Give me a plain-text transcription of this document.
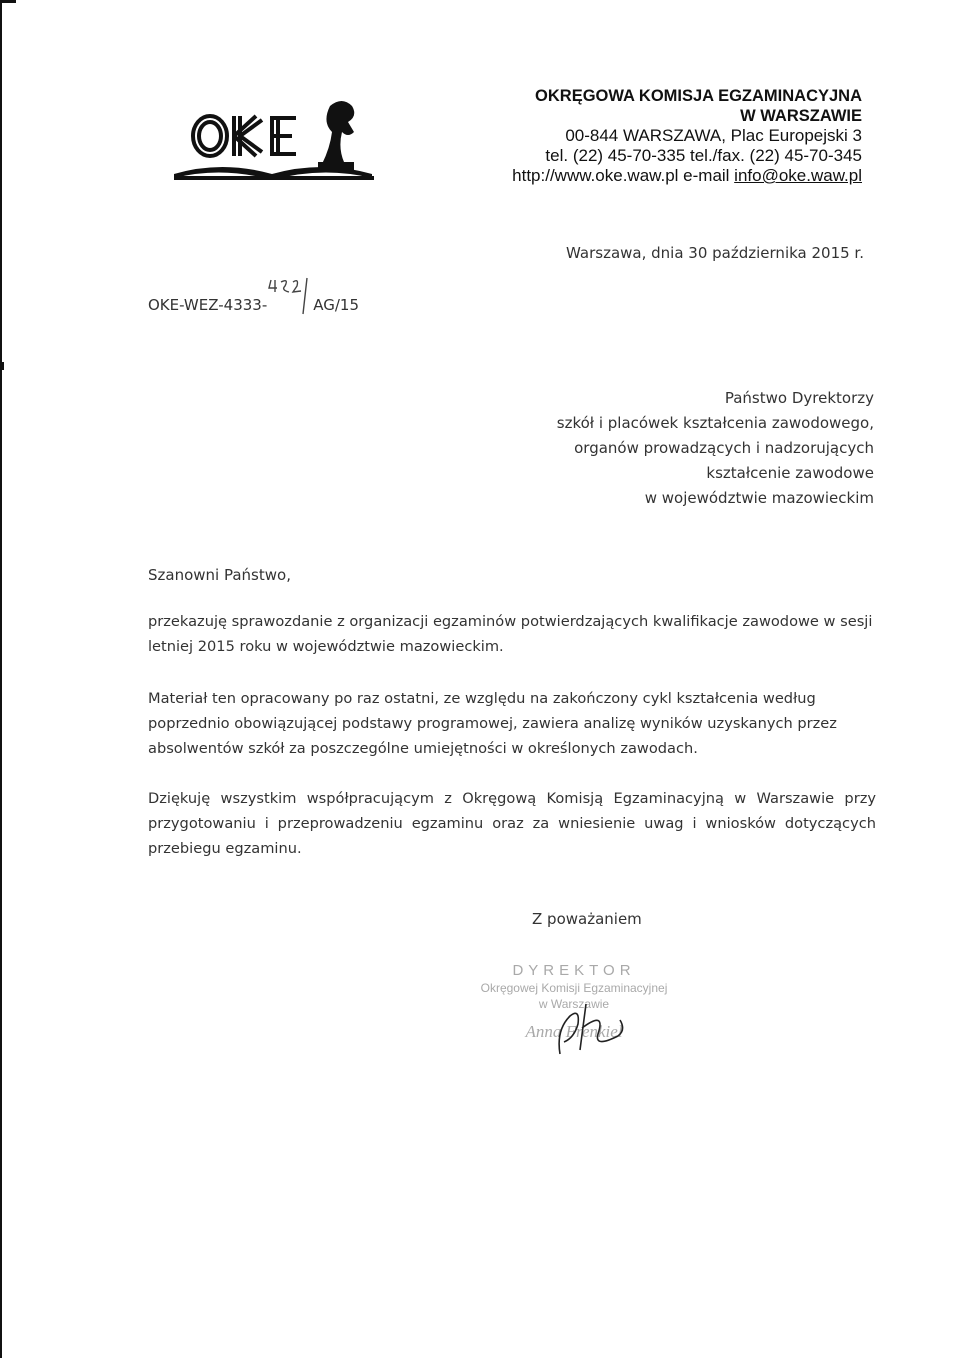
OKRĘGOWA KOMISJA EGZAMINACYJNA
W WARSZAWIE
00-844 WARSZAWA, Plac Europejski 3
tel. (22) 45-70-335 tel./fax. (22) 45-70-345
http://www.oke.waw.pl e-mail info@oke.waw.pl
Warszawa, dnia 30 października 2015 r.
OKE-WEZ-4333-	AG/15
Państwo Dyrektorzy
szkół i placówek kształcenia zawodowego,
organów prowadzących i nadzorujących
kształcenie zawodowe
w województwie mazowieckim
Szanowni Państwo,

przekazuję sprawozdanie z organizacji egzaminów potwierdzających kwalifikacje zawodowe w sesji letniej 2015 roku w województwie mazowieckim.

Materiał ten opracowany po raz ostatni, ze względu na zakończony cykl kształcenia według poprzednio obowiązującej podstawy programowej, zawiera analizę wyników uzyskanych przez absolwentów szkół za poszczególne umiejętności w określonych zawodach.

Dziękuję wszystkim współpracującym z Okręgową Komisją Egzaminacyjną w Warszawie przy przygotowaniu i przeprowadzeniu egzaminu oraz za wniesienie uwag i wniosków dotyczących przebiegu egzaminu.

Z poważaniem
DYREKTOR
Okręgowej Komisji Egzaminacyjnej
w Warszawie
Anna Frenkiel
